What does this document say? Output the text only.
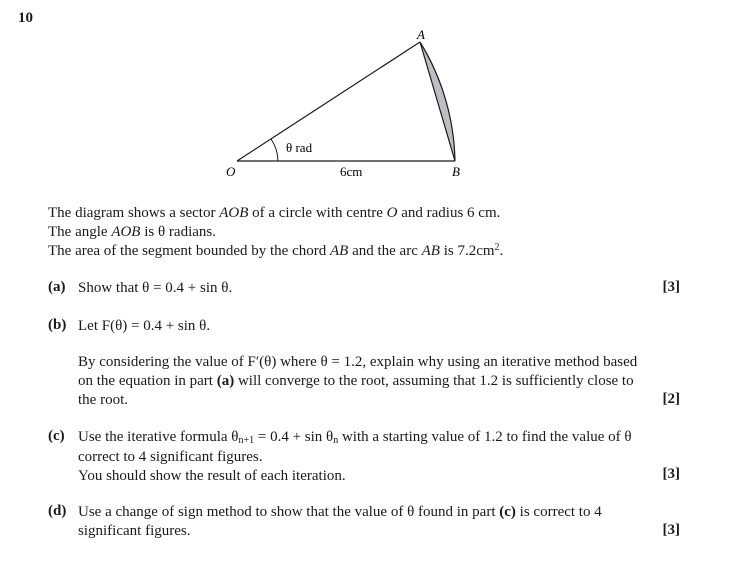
10
A
B
O
θ rad
6cm
The diagram shows a sector AOB of a circle with centre O and radius 6 cm.
The angle AOB is θ radians.
The area of the segment bounded by the chord AB and the arc AB is $7.2cm^2$.
(a) Show that θ = 0.4 + sin θ.	[3]
(b) Let F(θ) = 0.4 + sin θ.
By considering the value of F′(θ) where θ = 1.2, explain why using an iterative method based
on the equation in part (a) will converge to the root, assuming that 1.2 is sufficiently close to
the root.	[2]
(c) Use the iterative formula $\theta_{n+1} = 0.4 + \sin \theta_n$ with a starting value of 1.2 to find the value of θ
correct to 4 significant figures.
You should show the result of each iteration.	[3]
(d) Use a change of sign method to show that the value of θ found in part (c) is correct to 4
significant figures.	[3]
